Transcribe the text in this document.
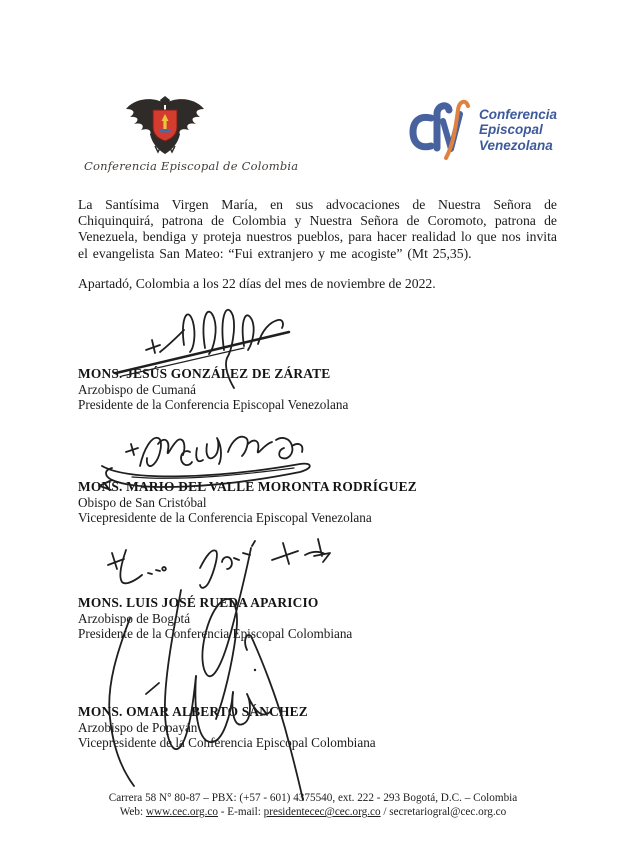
Conferencia Episcopal de Colombia
Conferencia
Episcopal
Venezolana

La Santísima Virgen María, en sus advocaciones de Nuestra Señora de Chiquinquirá, patrona de Colombia y Nuestra Señora de Coromoto, patrona de Venezuela, bendiga y proteja nuestros pueblos, para hacer realidad lo que nos invita el evangelista San Mateo: “Fui extranjero y me acogiste” (Mt 25,35).

Apartadó, Colombia a los 22 días del mes de noviembre de 2022.

MONS. JESÚS GONZÁLEZ DE ZÁRATE
Arzobispo de Cumaná
Presidente de la Conferencia Episcopal Venezolana
MONS. MARIO DEL VALLE MORONTA RODRÍGUEZ
Obispo de San Cristóbal
Vicepresidente de la Conferencia Episcopal Venezolana
MONS. LUIS JOSÉ RUEDA APARICIO
Arzobispo de Bogotá
Presidente de la Conferencia Episcopal Colombiana
MONS. OMAR ALBERTO SÁNCHEZ
Arzobispo de Popayán
Vicepresidente de la Conferencia Episcopal Colombiana
Carrera 58 N° 80-87 – PBX: (+57 - 601) 4375540, ext. 222 - 293 Bogotá, D.C. – Colombia
Web: www.cec.org.co - E-mail: presidentecec@cec.org.co / secretariogral@cec.org.co
